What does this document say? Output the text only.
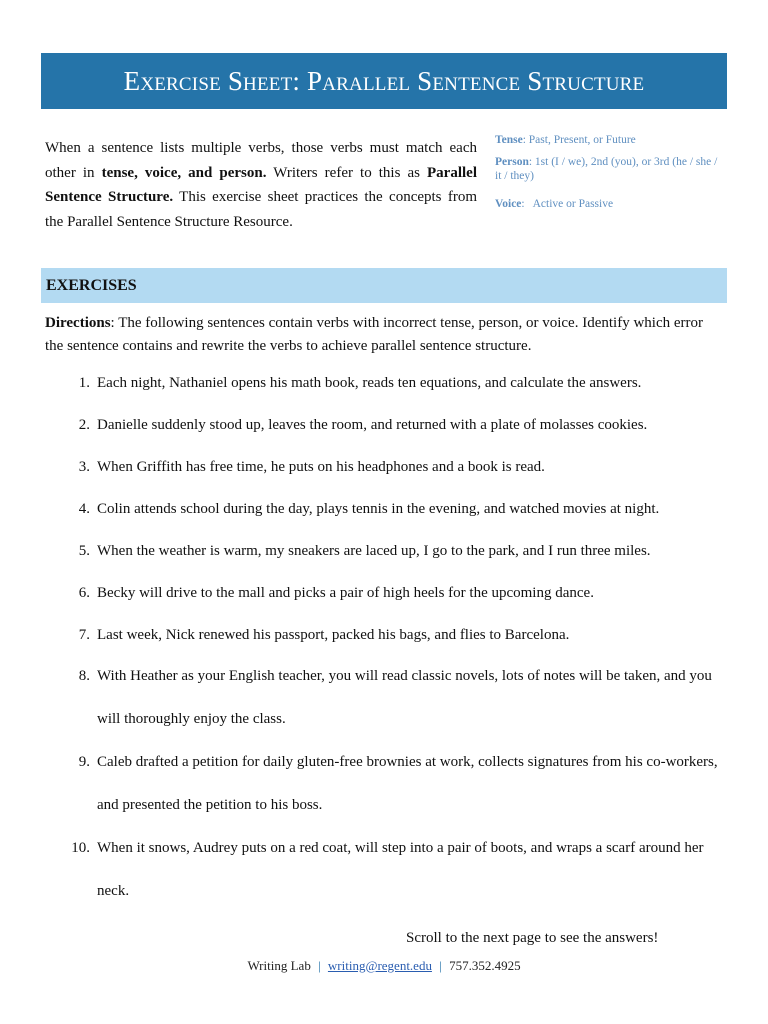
Exercise Sheet: Parallel Sentence Structure
When a sentence lists multiple verbs, those verbs must match each other in tense, voice, and person. Writers refer to this as Parallel Sentence Structure. This exercise sheet practices the concepts from the Parallel Sentence Structure Resource.
Tense: Past, Present, or Future
Person: 1st (I / we), 2nd (you), or 3rd (he / she / it / they)
Voice:   Active or Passive
EXERCISES
Directions: The following sentences contain verbs with incorrect tense, person, or voice. Identify which error the sentence contains and rewrite the verbs to achieve parallel sentence structure.
1. Each night, Nathaniel opens his math book, reads ten equations, and calculate the answers.
2. Danielle suddenly stood up, leaves the room, and returned with a plate of molasses cookies.
3. When Griffith has free time, he puts on his headphones and a book is read.
4. Colin attends school during the day, plays tennis in the evening, and watched movies at night.
5. When the weather is warm, my sneakers are laced up, I go to the park, and I run three miles.
6. Becky will drive to the mall and picks a pair of high heels for the upcoming dance.
7. Last week, Nick renewed his passport, packed his bags, and flies to Barcelona.
8. With Heather as your English teacher, you will read classic novels, lots of notes will be taken, and you will thoroughly enjoy the class.
9. Caleb drafted a petition for daily gluten-free brownies at work, collects signatures from his co-workers, and presented the petition to his boss.
10. When it snows, Audrey puts on a red coat, will step into a pair of boots, and wraps a scarf around her neck.
Scroll to the next page to see the answers!
Writing Lab | writing@regent.edu | 757.352.4925
